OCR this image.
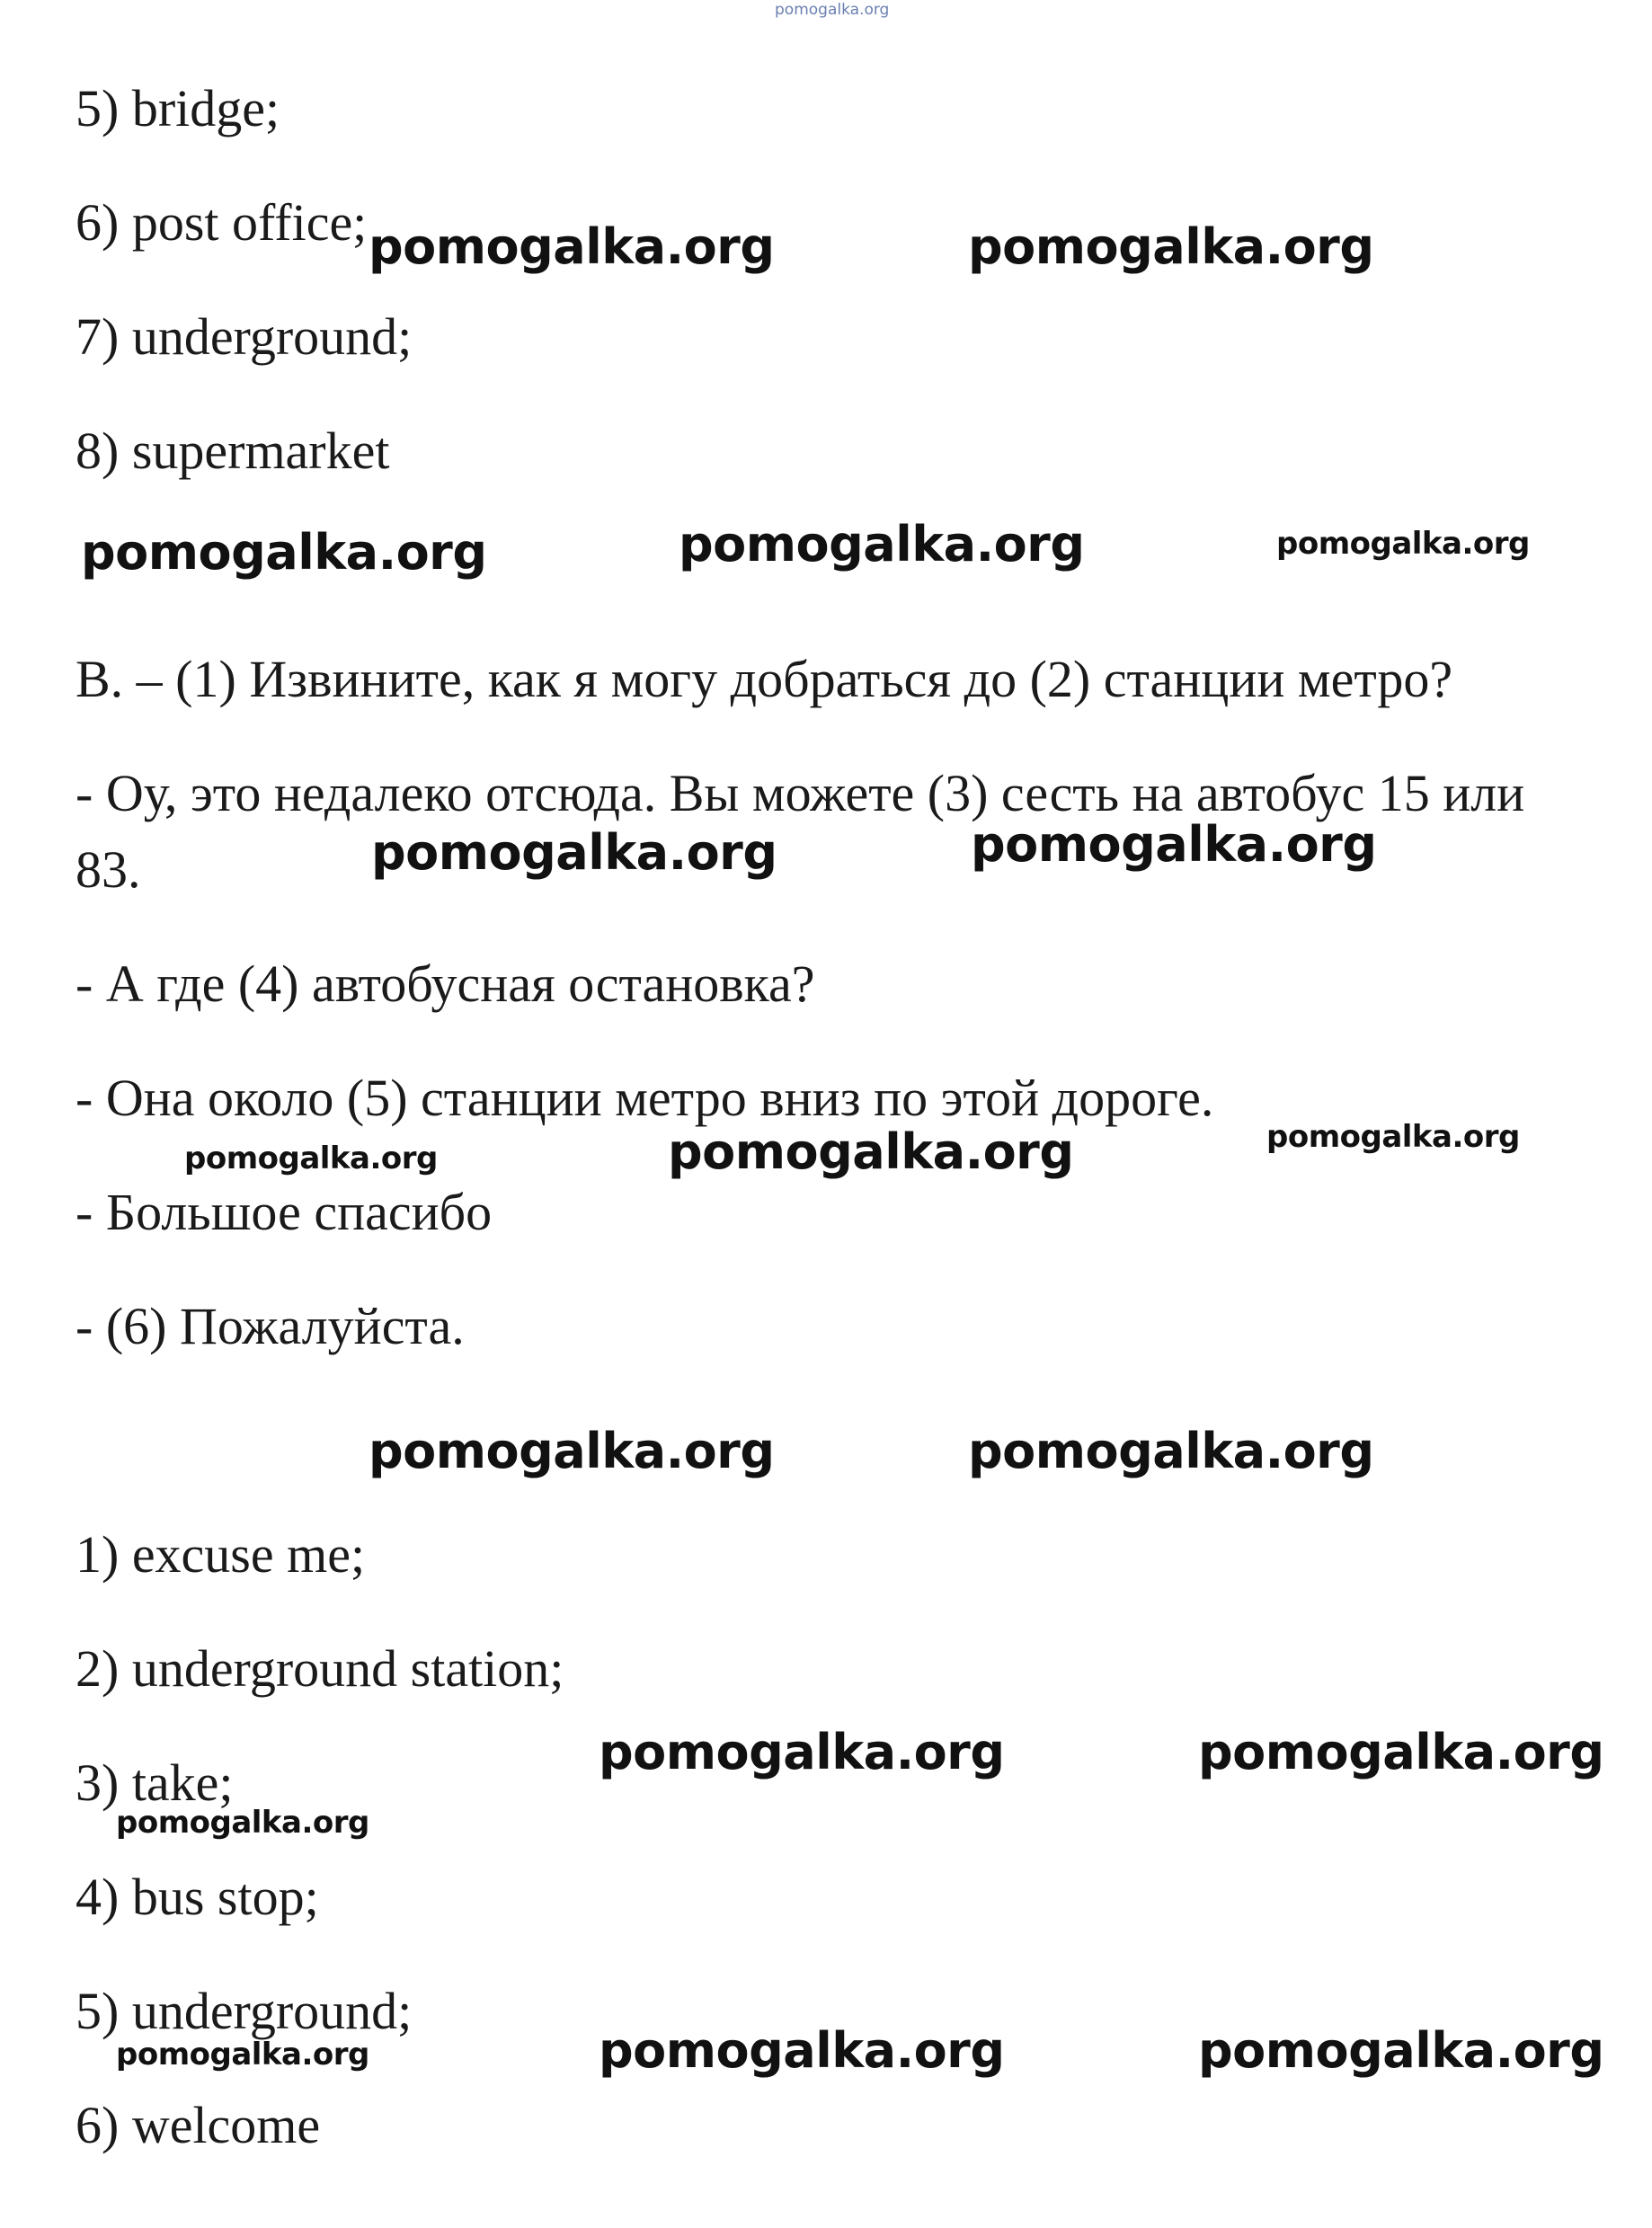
pomogalka.org

5) bridge;

6) post office;

7) underground;

8) supermarket

B. – (1) Извините, как я могу добраться до (2) станции метро?

- Оу, это недалеко отсюда. Вы можете (3) сесть на автобус 15 или

83.

- А где (4) автобусная остановка?

- Она около (5) станции метро вниз по этой дороге.

- Большое спасибо

- (6) Пожалуйста.

1) excuse me;

2) underground station;

3) take;

4) bus stop;

5) underground;

6) welcome

pomogalka.org	pomogalka.org
pomogalka.org	pomogalka.org	pomogalka.org
pomogalka.org	pomogalka.org
pomogalka.org	pomogalka.org	pomogalka.org
pomogalka.org	pomogalka.org
pomogalka.org	pomogalka.org
pomogalka.org
pomogalka.org	pomogalka.org
pomogalka.org
